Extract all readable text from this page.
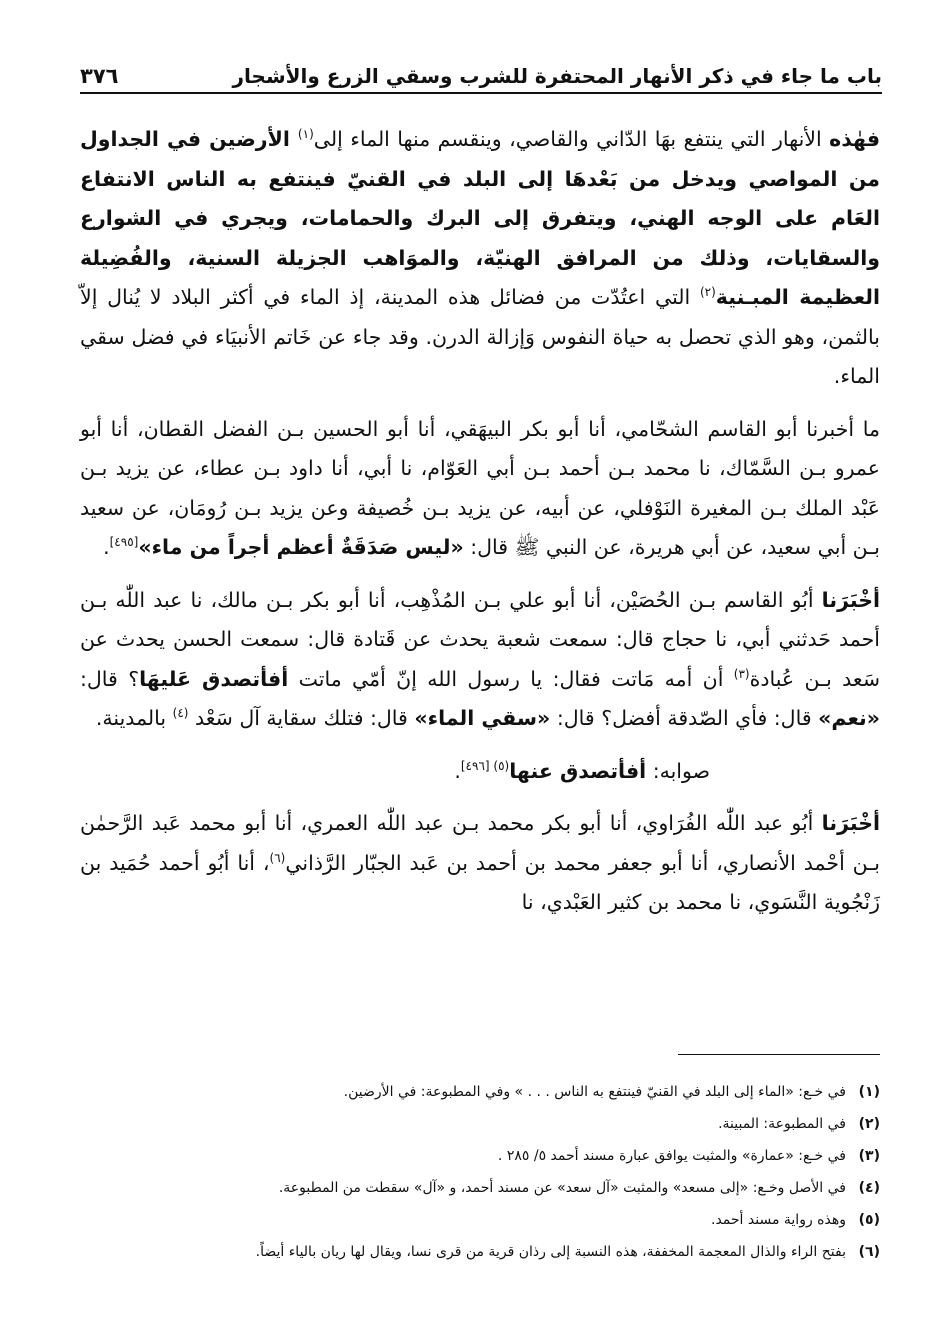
باب ما جاء في ذكر الأنهار المحتفرة للشرب وسقي الزرع والأشجار
٣٧٦

فهٰذه الأنهار التي ينتفع بهَا الدّاني والقاصي، وينقسم منها الماء إلى$^{(١)}$ الأرضين في الجداول من المواصي ويدخل من بَعْدهَا إلى البلد في القنيّ فينتفع به الناس الانتفاع العَام على الوجه الهني، ويتفرق إلى البرك والحمامات، ويجري في الشوارع والسقايات، وذلك من المرافق الهنيّة، والموَاهب الجزيلة السنية، والفُضِيلة العظيمة المبـنية$^{(٢)}$ التي اعتُدّت من فضائل هذه المدينة، إذ الماء في أكثر البلاد لا يُنال إلاّ بالثمن، وهو الذي تحصل به حياة النفوس وَإزالة الدرن. وقد جاء عن خَاتم الأنبيَاء في فضل سقي الماء.

ما أخبرنا أبو القاسم الشحّامي، أنا أبو بكر البيهَقي، أنا أبو الحسين بـن الفضل القطان، أنا أبو عمرو بـن السَّمّاك، نا محمد بـن أحمد بـن أبي العَوّام، نا أبي، أنا داود بـن عطاء، عن يزيد بـن عَبْد الملك بـن المغيرة النَوْفلي، عن أبيه، عن يزيد بـن خُصيفة وعن يزيد بـن رُومَان، عن سعيد بـن أبي سعيد، عن أبي هريرة، عن النبي ﷺ قال: «ليس صَدَقَةٌ أعظم أجراً من ماء»[٤٩٥].

أخْبَرَنا أبُو القاسم بـن الحُصَيْن، أنا أبو علي بـن المُذْهِب، أنا أبو بكر بـن مالك، نا عبد اللّٰه بـن أحمد حَدثني أبي، نا حجاج قال: سمعت شعبة يحدث عن قَتادة قال: سمعت الحسن يحدث عن سَعد بـن عُبادة$^{(٣)}$ أن أمه مَاتت فقال: يا رسول الله إنّ أمّي ماتت أفأتصدق عَليهَا؟ قال: «نعم» قال: فأي الصّدقة أفضل؟ قال: «سقي الماء» قال: فتلك سقاية آل سَعْد $^{(٤)}$ بالمدينة.

صوابه: أفأتصدق عنها$^{(٥)}$ [٤٩٦].

أخْبَرَنا أبُو عبد اللّٰه الفُرَاوي، أنا أبو بكر محمد بـن عبد اللّٰه العمري، أنا أبو محمد عَبد الرَّحمٰن بـن أحْمد الأنصاري، أنا أبو جعفر محمد بن أحمد بن عَبد الجبّار الرَّذاني$^{(٦)}$، أنا أبُو أحمد حُمَيد بن زَنْجُوية النَّسَوي، نا محمد بن كثير العَبْدي، نا

(١)
في خـع: «الماء إلى البلد في القنيّ فينتفع به الناس . . . » وفي المطبوعة: في الأرضين.
(٢)
في المطبوعة: المبينة.
(٣)
في خـع: «عمارة» والمثبت يوافق عبارة مسند أحمد ٥/ ٢٨٥ .
(٤)
في الأصل وخـع: «إلى مسعد» والمثبت «آل سعد» عن مسند أحمد، و «آل» سقطت من المطبوعة.
(٥)
وهذه رواية مسند أحمد.
(٦)
بفتح الراء والذال المعجمة المخففة، هذه النسبة إلى رذان قرية من قرى نسا، ويقال لها ريان بالياء أيضاً.
